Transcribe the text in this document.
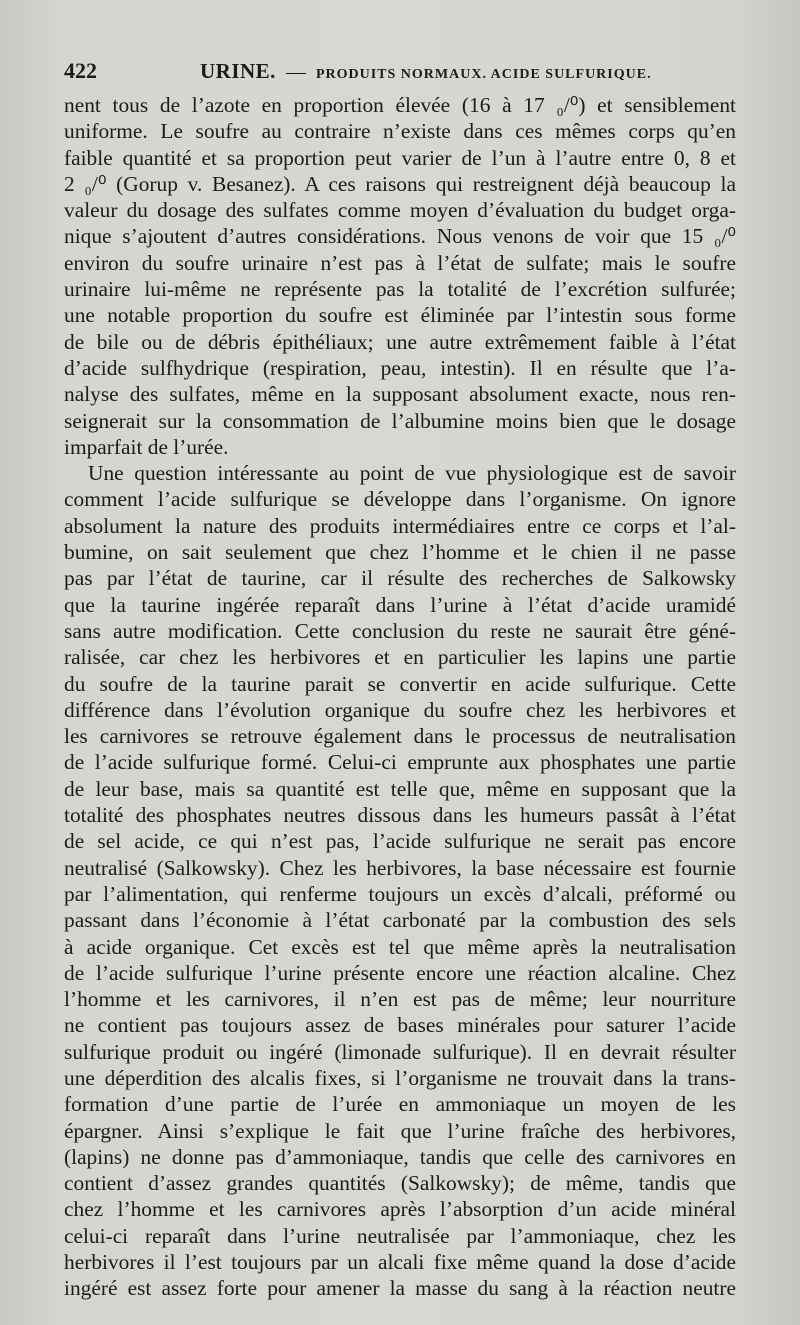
422	URINE. — PRODUITS NORMAUX. ACIDE SULFURIQUE.
nent tous de l’azote en proportion élevée (16 à 17 ₀/⁰) et sensiblement
uniforme. Le soufre au contraire n’existe dans ces mêmes corps qu’en
faible quantité et sa proportion peut varier de l’un à l’autre entre 0, 8 et
2 ₀/⁰ (Gorup v. Besanez). A ces raisons qui restreignent déjà beaucoup la
valeur du dosage des sulfates comme moyen d’évaluation du budget orga-
nique s’ajoutent d’autres considérations. Nous venons de voir que 15 ₀/⁰
environ du soufre urinaire n’est pas à l’état de sulfate; mais le soufre
urinaire lui-même ne représente pas la totalité de l’excrétion sulfurée;
une notable proportion du soufre est éliminée par l’intestin sous forme
de bile ou de débris épithéliaux; une autre extrêmement faible à l’état
d’acide sulfhydrique (respiration, peau, intestin). Il en résulte que l’a-
nalyse des sulfates, même en la supposant absolument exacte, nous ren-
seignerait sur la consommation de l’albumine moins bien que le dosage
imparfait de l’urée.
Une question intéressante au point de vue physiologique est de savoir
comment l’acide sulfurique se développe dans l’organisme. On ignore
absolument la nature des produits intermédiaires entre ce corps et l’al-
bumine, on sait seulement que chez l’homme et le chien il ne passe
pas par l’état de taurine, car il résulte des recherches de Salkowsky
que la taurine ingérée reparaît dans l’urine à l’état d’acide uramidé
sans autre modification. Cette conclusion du reste ne saurait être géné-
ralisée, car chez les herbivores et en particulier les lapins une partie
du soufre de la taurine parait se convertir en acide sulfurique. Cette
différence dans l’évolution organique du soufre chez les herbivores et
les carnivores se retrouve également dans le processus de neutralisation
de l’acide sulfurique formé. Celui-ci emprunte aux phosphates une partie
de leur base, mais sa quantité est telle que, même en supposant que la
totalité des phosphates neutres dissous dans les humeurs passât à l’état
de sel acide, ce qui n’est pas, l’acide sulfurique ne serait pas encore
neutralisé (Salkowsky). Chez les herbivores, la base nécessaire est fournie
par l’alimentation, qui renferme toujours un excès d’alcali, préformé ou
passant dans l’économie à l’état carbonaté par la combustion des sels
à acide organique. Cet excès est tel que même après la neutralisation
de l’acide sulfurique l’urine présente encore une réaction alcaline. Chez
l’homme et les carnivores, il n’en est pas de même; leur nourriture
ne contient pas toujours assez de bases minérales pour saturer l’acide
sulfurique produit ou ingéré (limonade sulfurique). Il en devrait résulter
une déperdition des alcalis fixes, si l’organisme ne trouvait dans la trans-
formation d’une partie de l’urée en ammoniaque un moyen de les
épargner. Ainsi s’explique le fait que l’urine fraîche des herbivores,
(lapins) ne donne pas d’ammoniaque, tandis que celle des carnivores en
contient d’assez grandes quantités (Salkowsky); de même, tandis que
chez l’homme et les carnivores après l’absorption d’un acide minéral
celui-ci reparaît dans l’urine neutralisée par l’ammoniaque, chez les
herbivores il l’est toujours par un alcali fixe même quand la dose d’acide
ingéré est assez forte pour amener la masse du sang à la réaction neutre
